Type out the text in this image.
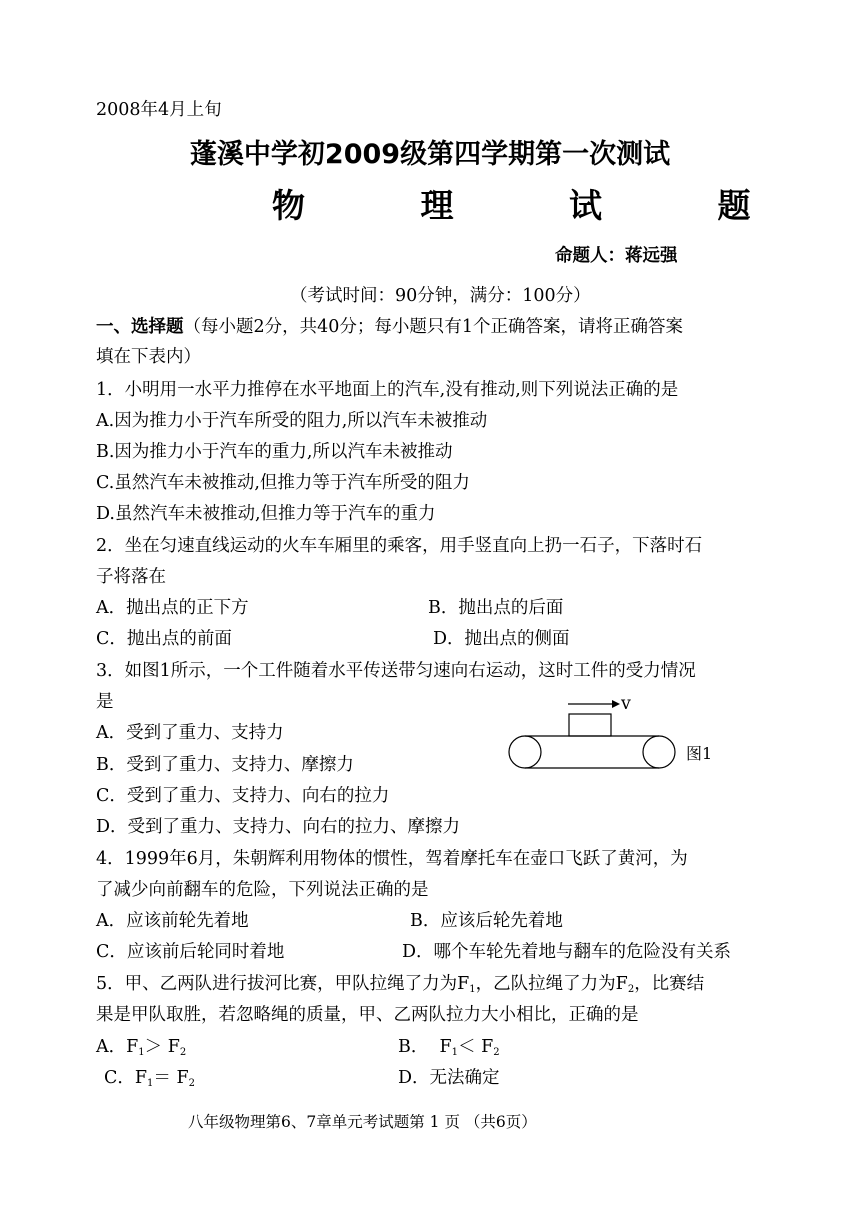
2008年4月上旬
蓬溪中学初2009级第四学期第一次测试
物 理 试 题
命题人：蒋远强
（考试时间：90分钟，满分：100分）
一、选择题（每小题2分，共40分；每小题只有1个正确答案，请将正确答案
填在下表内）
1．小明用一水平力推停在水平地面上的汽车,没有推动,则下列说法正确的是
A.因为推力小于汽车所受的阻力,所以汽车未被推动
B.因为推力小于汽车的重力,所以汽车未被推动
C.虽然汽车未被推动,但推力等于汽车所受的阻力
D.虽然汽车未被推动,但推力等于汽车的重力
2．坐在匀速直线运动的火车车厢里的乘客，用手竖直向上扔一石子，下落时石
子将落在
A．抛出点的正下方	B．抛出点的后面
C．抛出点的前面	D．抛出点的侧面
3．如图1所示，一个工件随着水平传送带匀速向右运动，这时工件的受力情况
是
A．受到了重力、支持力
B．受到了重力、支持力、摩擦力
C．受到了重力、支持力、向右的拉力
D．受到了重力、支持力、向右的拉力、摩擦力
v
图1
4．1999年6月，朱朝辉利用物体的惯性，驾着摩托车在壶口飞跃了黄河，为
了减少向前翻车的危险，下列说法正确的是
A．应该前轮先着地	B．应该后轮先着地
C．应该前后轮同时着地	D．哪个车轮先着地与翻车的危险没有关系
5．甲、乙两队进行拔河比赛，甲队拉绳了力为$F_1$，乙队拉绳了力为$F_2$，比赛结
果是甲队取胜，若忽略绳的质量，甲、乙两队拉力大小相比，正确的是
A．$F_1> F_2$	B．  $F_1< F_2$
C．$F_1= F_2$	D．无法确定
八年级物理第6、7章单元考试题第 1 页 （共6页）
